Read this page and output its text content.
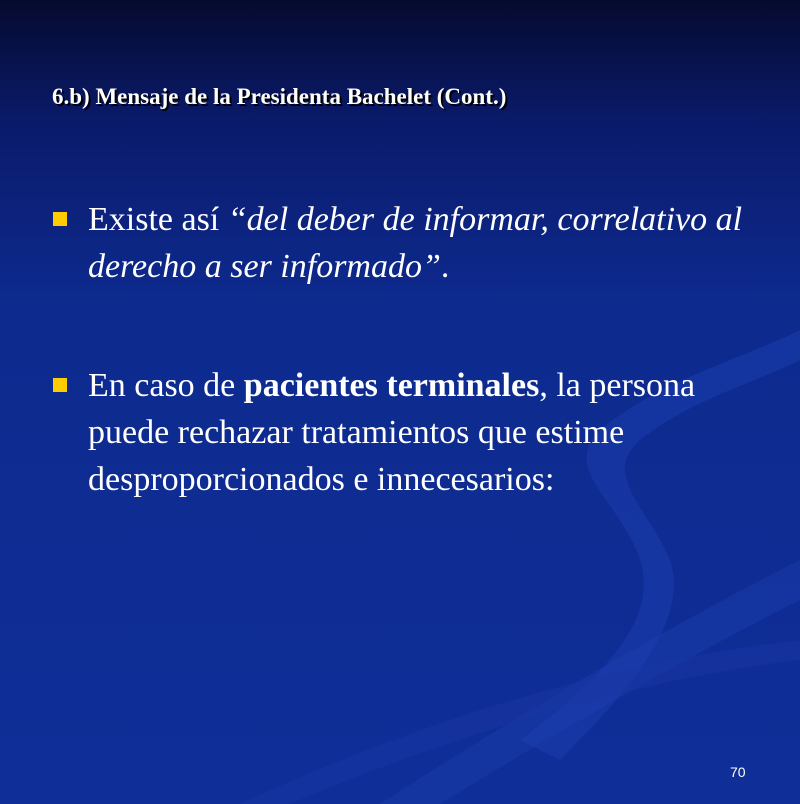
6.b) Mensaje de la Presidenta Bachelet (Cont.)
Existe así “del deber de informar, correlativo al derecho a ser informado”.
En caso de pacientes terminales, la persona puede rechazar tratamientos que estime desproporcionados e innecesarios:
70
